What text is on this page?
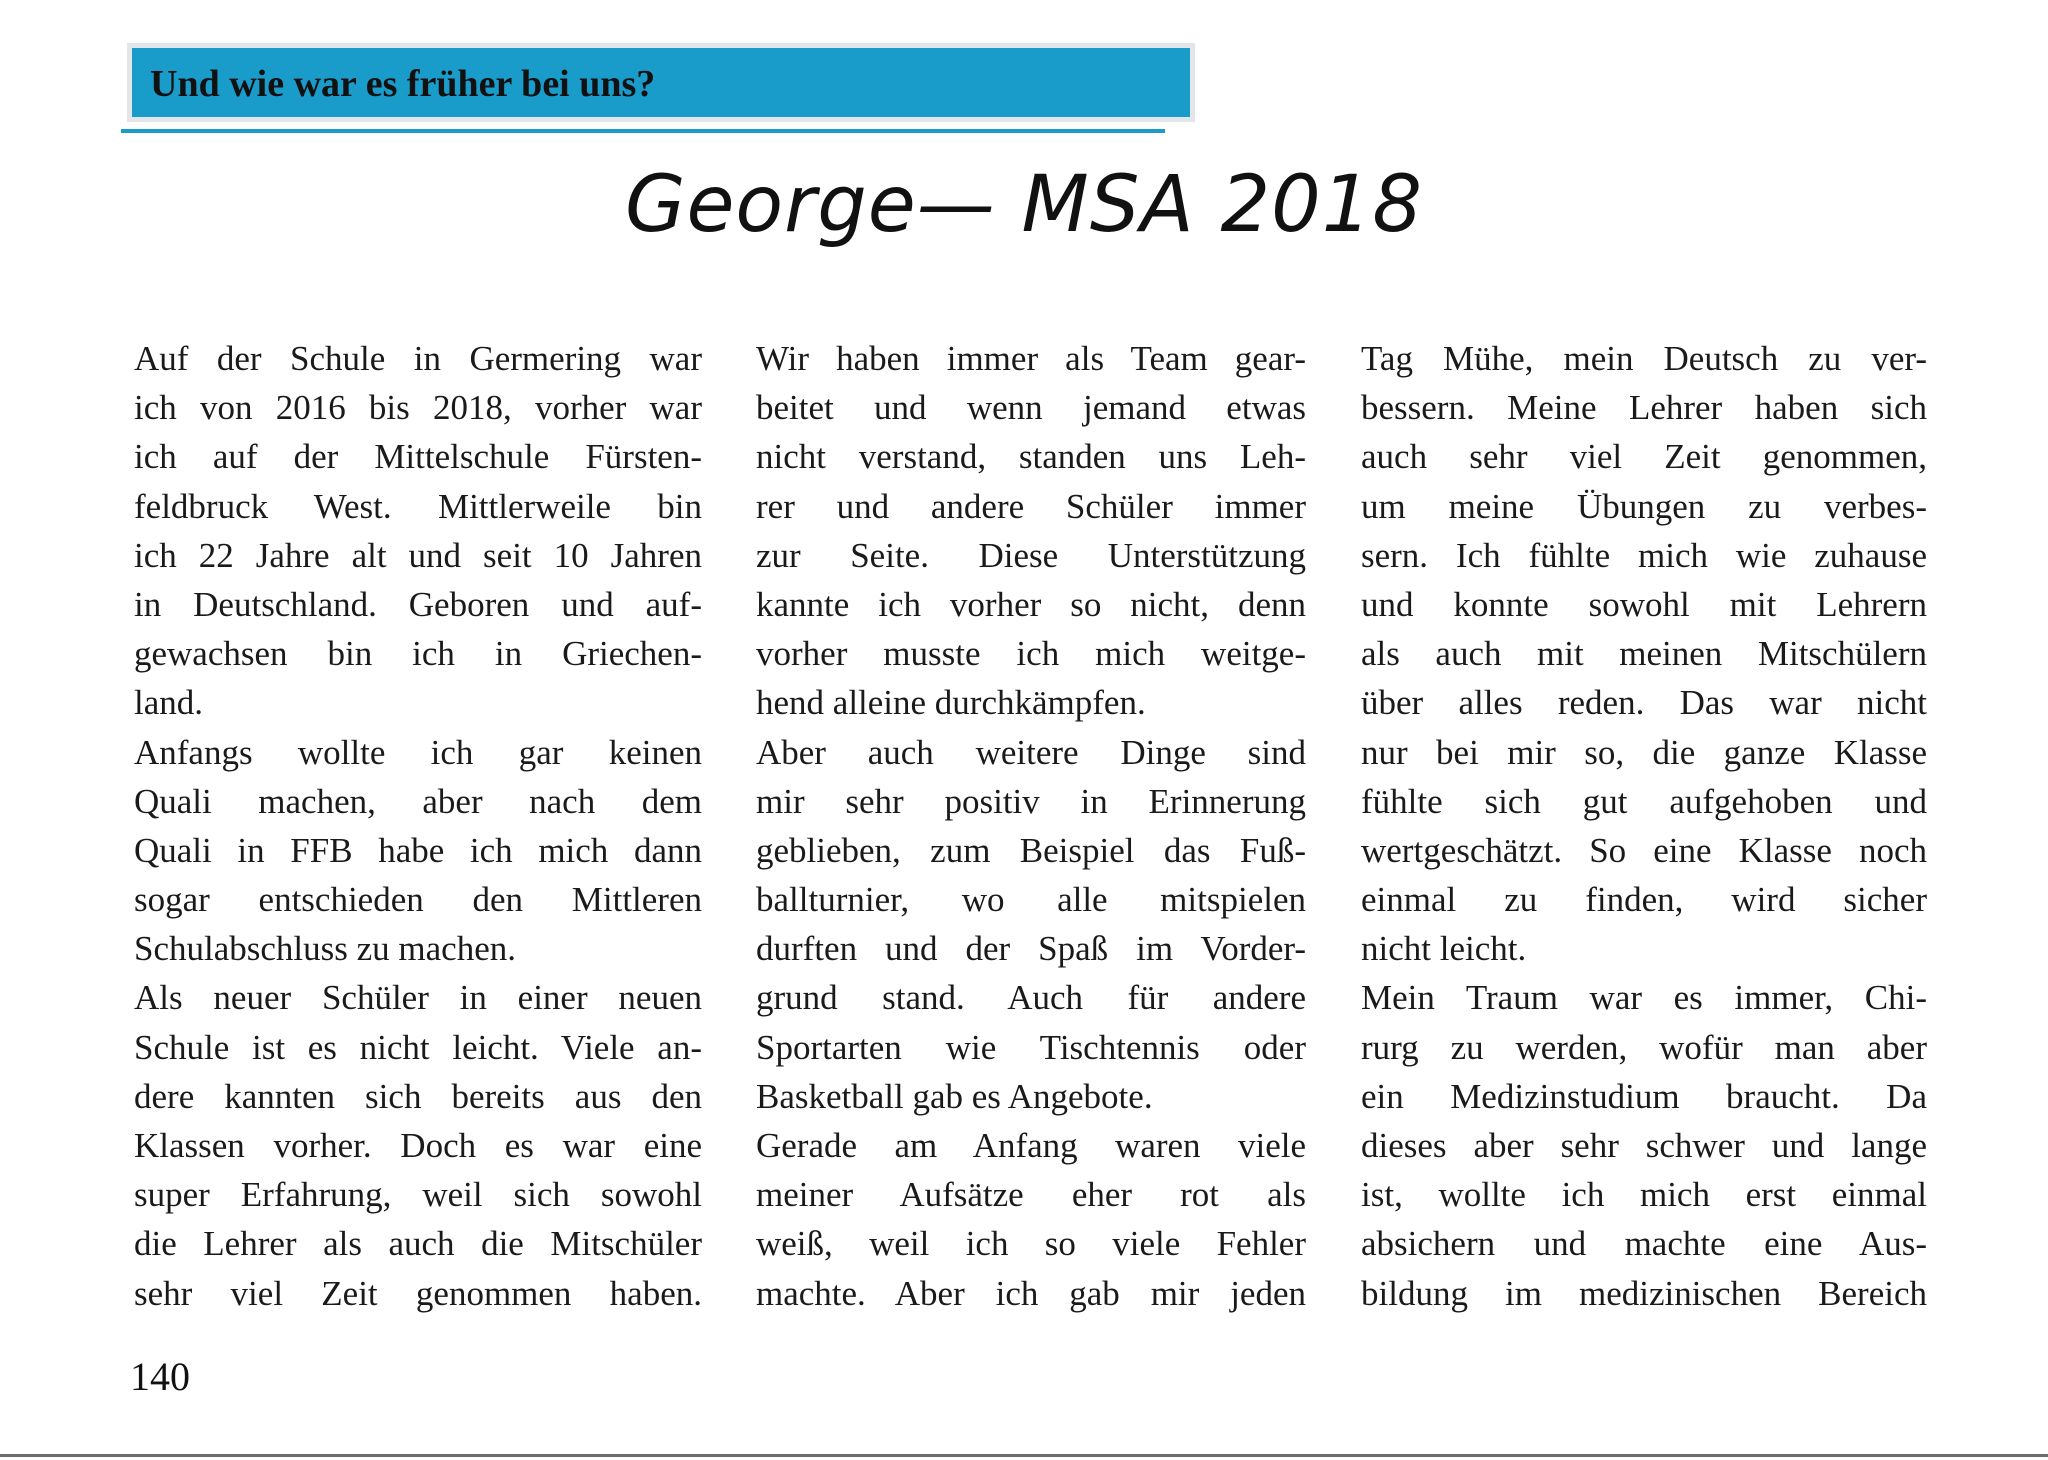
Und wie war es früher bei uns?
George— MSA 2018
Auf der Schule in Germering war
ich von 2016 bis 2018, vorher war
ich auf der Mittelschule Fürsten-
feldbruck West. Mittlerweile bin
ich 22 Jahre alt und seit 10 Jahren
in Deutschland. Geboren und auf-
gewachsen bin ich in Griechen-
land.
Anfangs wollte ich gar keinen
Quali machen, aber nach dem
Quali in FFB habe ich mich dann
sogar entschieden den Mittleren
Schulabschluss zu machen.
Als neuer Schüler in einer neuen
Schule ist es nicht leicht. Viele an-
dere kannten sich bereits aus den
Klassen vorher. Doch es war eine
super Erfahrung, weil sich sowohl
die Lehrer als auch die Mitschüler
sehr viel Zeit genommen haben.
Wir haben immer als Team gear-
beitet und wenn jemand etwas
nicht verstand, standen uns Leh-
rer und andere Schüler immer
zur Seite. Diese Unterstützung
kannte ich vorher so nicht, denn
vorher musste ich mich weitge-
hend alleine durchkämpfen.
Aber auch weitere Dinge sind
mir sehr positiv in Erinnerung
geblieben, zum Beispiel das Fuß-
ballturnier, wo alle mitspielen
durften und der Spaß im Vorder-
grund stand. Auch für andere
Sportarten wie Tischtennis oder
Basketball gab es Angebote.
Gerade am Anfang waren viele
meiner Aufsätze eher rot als
weiß, weil ich so viele Fehler
machte. Aber ich gab mir jeden
Tag Mühe, mein Deutsch zu ver-
bessern. Meine Lehrer haben sich
auch sehr viel Zeit genommen,
um meine Übungen zu verbes-
sern. Ich fühlte mich wie zuhause
und konnte sowohl mit Lehrern
als auch mit meinen Mitschülern
über alles reden. Das war nicht
nur bei mir so, die ganze Klasse
fühlte sich gut aufgehoben und
wertgeschätzt. So eine Klasse noch
einmal zu finden, wird sicher
nicht leicht.
Mein Traum war es immer, Chi-
rurg zu werden, wofür man aber
ein Medizinstudium braucht. Da
dieses aber sehr schwer und lange
ist, wollte ich mich erst einmal
absichern und machte eine Aus-
bildung im medizinischen Bereich
140
